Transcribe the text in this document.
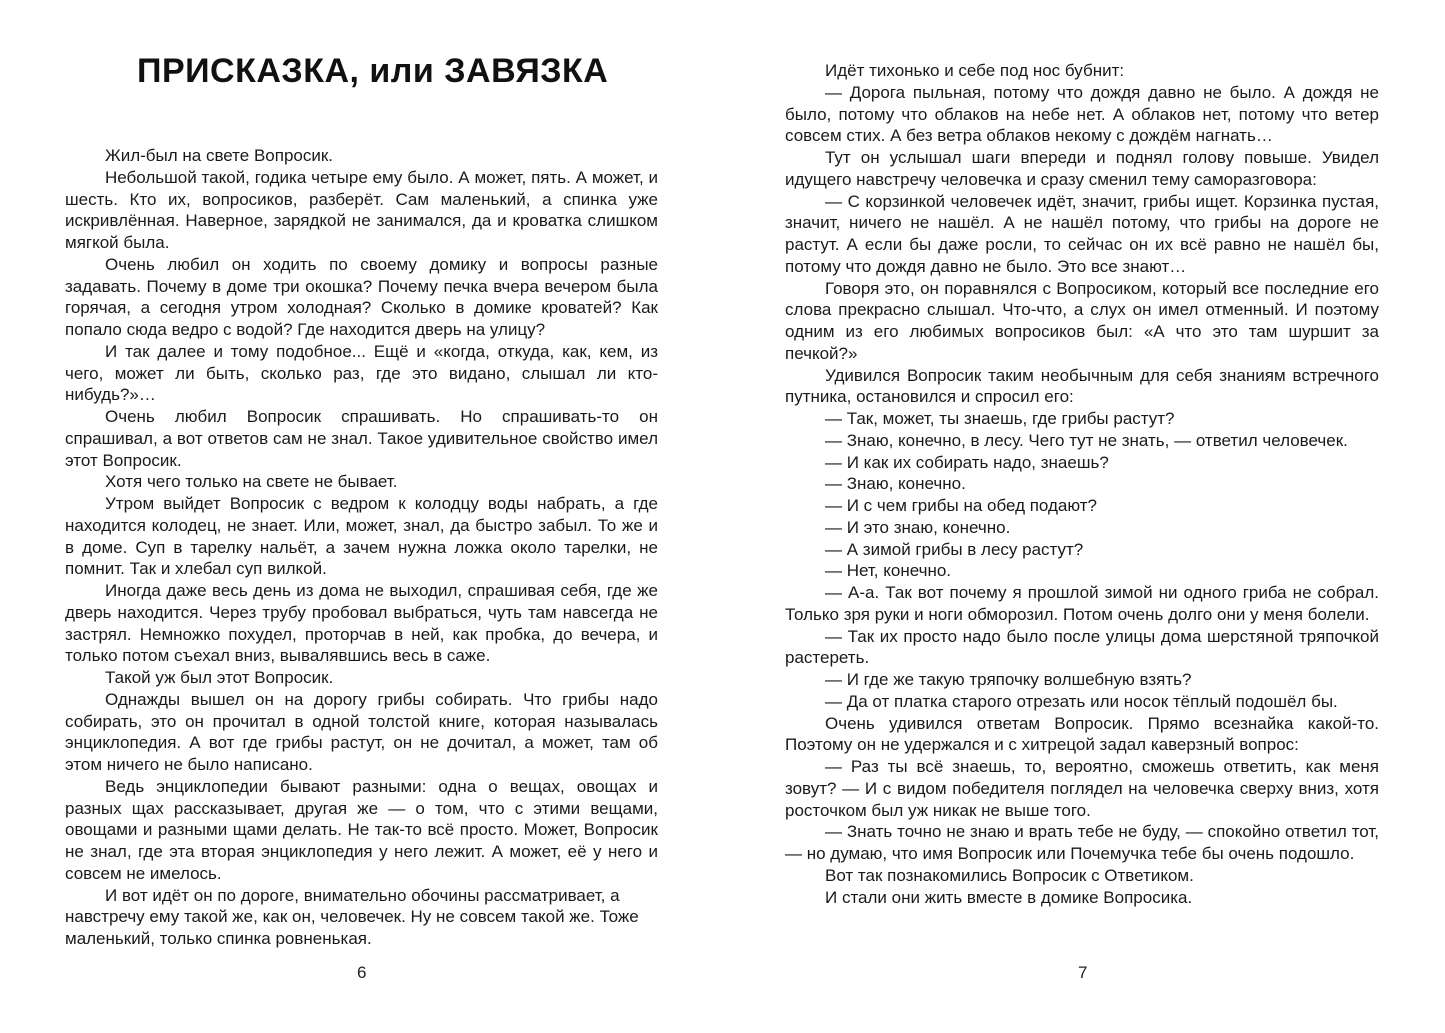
ПРИСКАЗКА, или ЗАВЯЗКА

Жил-был на свете Вопросик.

Небольшой такой, годика четыре ему было. А может, пять. А может, и шесть. Кто их, вопросиков, разберёт. Сам маленький, а спинка уже искривлённая. Наверное, зарядкой не занимался, да и кроватка слишком мягкой была.

Очень любил он ходить по своему домику и вопросы разные задавать. Почему в доме три окошка? Почему печка вчера вечером была горячая, а сегодня утром холодная? Сколько в домике кроватей? Как попало сюда ведро с водой? Где находится дверь на улицу?

И так далее и тому подобное... Ещё и «когда, откуда, как, кем, из чего, может ли быть, сколько раз, где это видано, слышал ли кто-нибудь?»…

Очень любил Вопросик спрашивать. Но спрашивать-то он спрашивал, а вот ответов сам не знал. Такое удивительное свойство имел этот Вопросик.

Хотя чего только на свете не бывает.

Утром выйдет Вопросик с ведром к колодцу воды набрать, а где находится колодец, не знает. Или, может, знал, да быстро забыл. То же и в доме. Суп в тарелку нальёт, а зачем нужна ложка около тарелки, не помнит. Так и хлебал суп вилкой.

Иногда даже весь день из дома не выходил, спрашивая себя, где же дверь находится. Через трубу пробовал выбраться, чуть там навсегда не застрял. Немножко похудел, проторчав в ней, как пробка, до вечера, и только потом съехал вниз, вывалявшись весь в саже.

Такой уж был этот Вопросик.

Однажды вышел он на дорогу грибы собирать. Что грибы надо собирать, это он прочитал в одной толстой книге, которая называлась энциклопедия. А вот где грибы растут, он не дочитал, а может, там об этом ничего не было написано.

Ведь энциклопедии бывают разными: одна о вещах, овощах и разных щах рассказывает, другая же — о том, что с этими вещами, овощами и разными щами делать. Не так-то всё просто. Может, Вопросик не знал, где эта вторая энциклопедия у него лежит. А может, её у него и совсем не имелось.

И вот идёт он по дороге, внимательно обочины рассматривает, а навстречу ему такой же, как он, человечек. Ну не совсем такой же. Тоже маленький, только спинка ровненькая.

6

Идёт тихонько и себе под нос бубнит:

— Дорога пыльная, потому что дождя давно не было. А дождя не было, потому что облаков на небе нет. А облаков нет, потому что ветер совсем стих. А без ветра облаков некому с дождём нагнать…

Тут он услышал шаги впереди и поднял голову повыше. Увидел идущего навстречу человечка и сразу сменил тему саморазговора:

— С корзинкой человечек идёт, значит, грибы ищет. Корзинка пустая, значит, ничего не нашёл. А не нашёл потому, что грибы на дороге не растут. А если бы даже росли, то сейчас он их всё равно не нашёл бы, потому что дождя давно не было. Это все знают…

Говоря это, он поравнялся с Вопросиком, который все последние его слова прекрасно слышал. Что-что, а слух он имел отменный. И поэтому одним из его любимых вопросиков был: «А что это там шуршит за печкой?»

Удивился Вопросик таким необычным для себя знаниям встречного путника, остановился и спросил его:

— Так, может, ты знаешь, где грибы растут?

— Знаю, конечно, в лесу. Чего тут не знать, — ответил человечек.

— И как их собирать надо, знаешь?

— Знаю, конечно.

— И с чем грибы на обед подают?

— И это знаю, конечно.

— А зимой грибы в лесу растут?

— Нет, конечно.

— А-а. Так вот почему я прошлой зимой ни одного гриба не собрал. Только зря руки и ноги обморозил. Потом очень долго они у меня болели.

— Так их просто надо было после улицы дома шерстяной тряпочкой растереть.

— И где же такую тряпочку волшебную взять?

— Да от платка старого отрезать или носок тёплый подошёл бы.

Очень удивился ответам Вопросик. Прямо всезнайка какой-то. Поэтому он не удержался и с хитрецой задал каверзный вопрос:

— Раз ты всё знаешь, то, вероятно, сможешь ответить, как меня зовут? — И с видом победителя поглядел на человечка сверху вниз, хотя росточком был уж никак не выше того.

— Знать точно не знаю и врать тебе не буду, — спокойно ответил тот, — но думаю, что имя Вопросик или Почемучка тебе бы очень подошло.

Вот так познакомились Вопросик с Ответиком.

И стали они жить вместе в домике Вопросика.

7
